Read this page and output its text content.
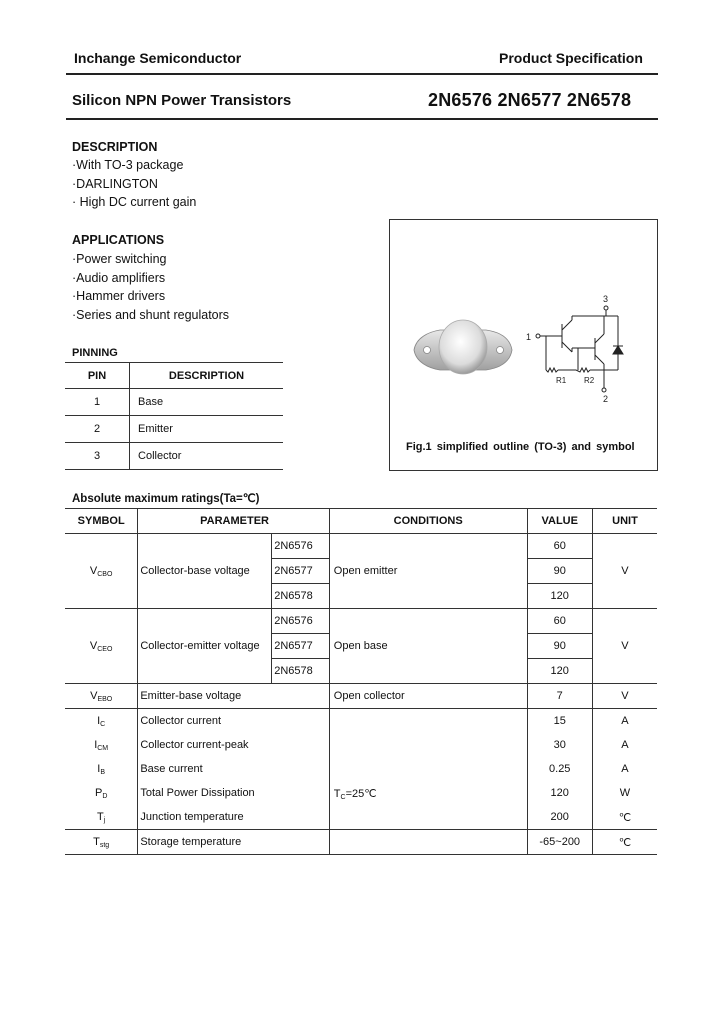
Inchange Semiconductor	Product Specification
Silicon NPN Power Transistors	2N6576 2N6577 2N6578
DESCRIPTION
·With TO-3 package
·DARLINGTON
· High DC current gain
APPLICATIONS
·Power switching
·Audio amplifiers
·Hammer drivers
·Series and shunt regulators
PINNING
PIN	DESCRIPTION
1	Base
2	Emitter
3	Collector
1
3
2
R1 R2
Fig.1 simplified outline (TO-3) and symbol
Absolute maximum ratings(Ta=℃)
SYMBOL	PARAMETER		CONDITIONS	VALUE	UNIT
$V_{CBO}$	Collector-base voltage	2N6576	Open emitter	60	V
		2N6577		90	
		2N6578		120	
$V_{CEO}$	Collector-emitter voltage	2N6576	Open base	60	V
		2N6577		90	
		2N6578		120	
$V_{EBO}$	Emitter-base voltage		Open collector	7	V
$I_C$	Collector current		$T_C=25℃$	15	A
$I_{CM}$	Collector current-peak			30	A
$I_B$	Base current			0.25	A
$P_D$	Total Power Dissipation			120	W
$T_j$	Junction temperature			200	℃
$T_{stg}$	Storage temperature			-65~200	℃
